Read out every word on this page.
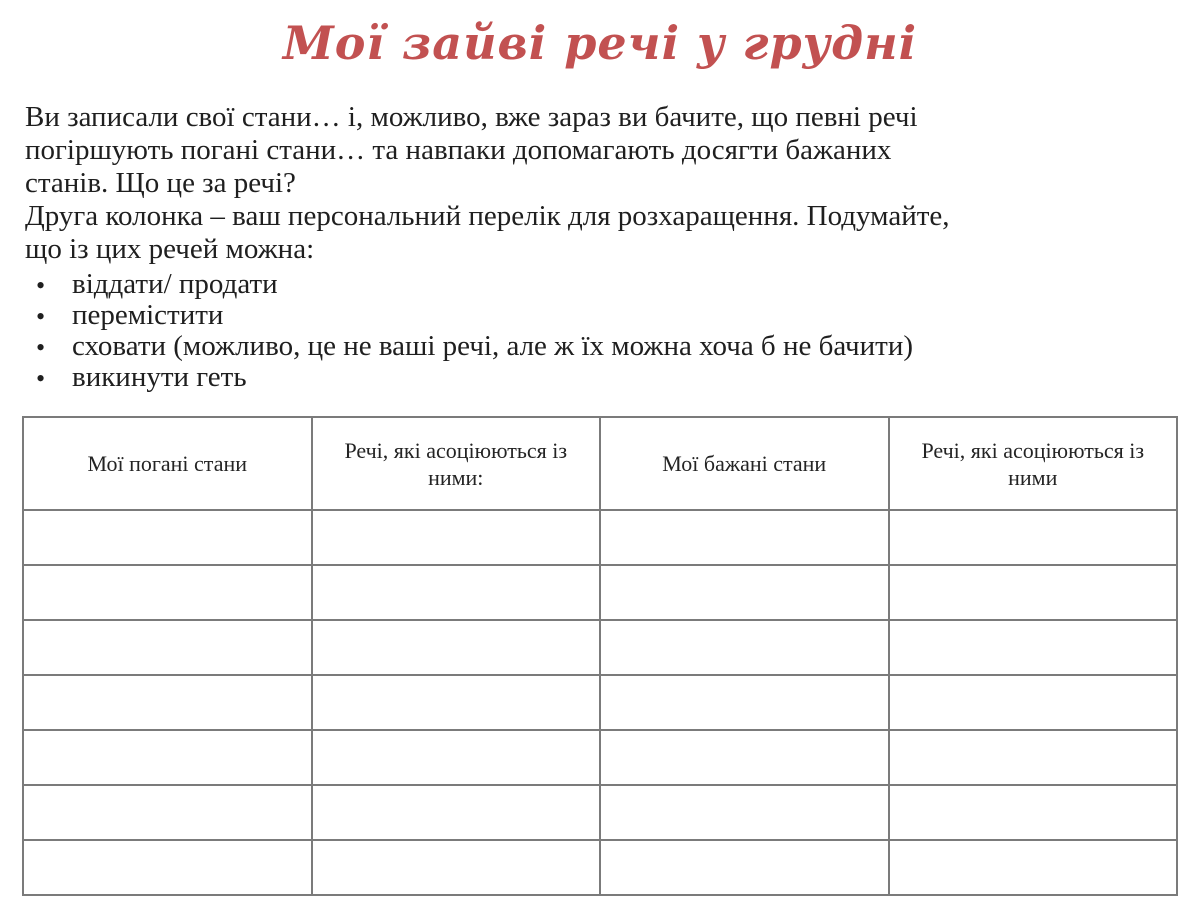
Мої зайві речі у грудні
Ви записали свої стани… і, можливо, вже зараз ви бачите, що певні речі
погіршують погані стани… та навпаки допомагають досягти бажаних
станів. Що це за речі?
Друга колонка – ваш персональний перелік для розхаращення. Подумайте,
що із цих речей можна:
• віддати/ продати
• перемістити
• сховати (можливо, це не ваші речі, але ж їх можна хоча б не бачити)
• викинути геть
Мої погані стани	Речі, які асоціюються із ними:	Мої бажані стани	Речі, які асоціюються із ними
